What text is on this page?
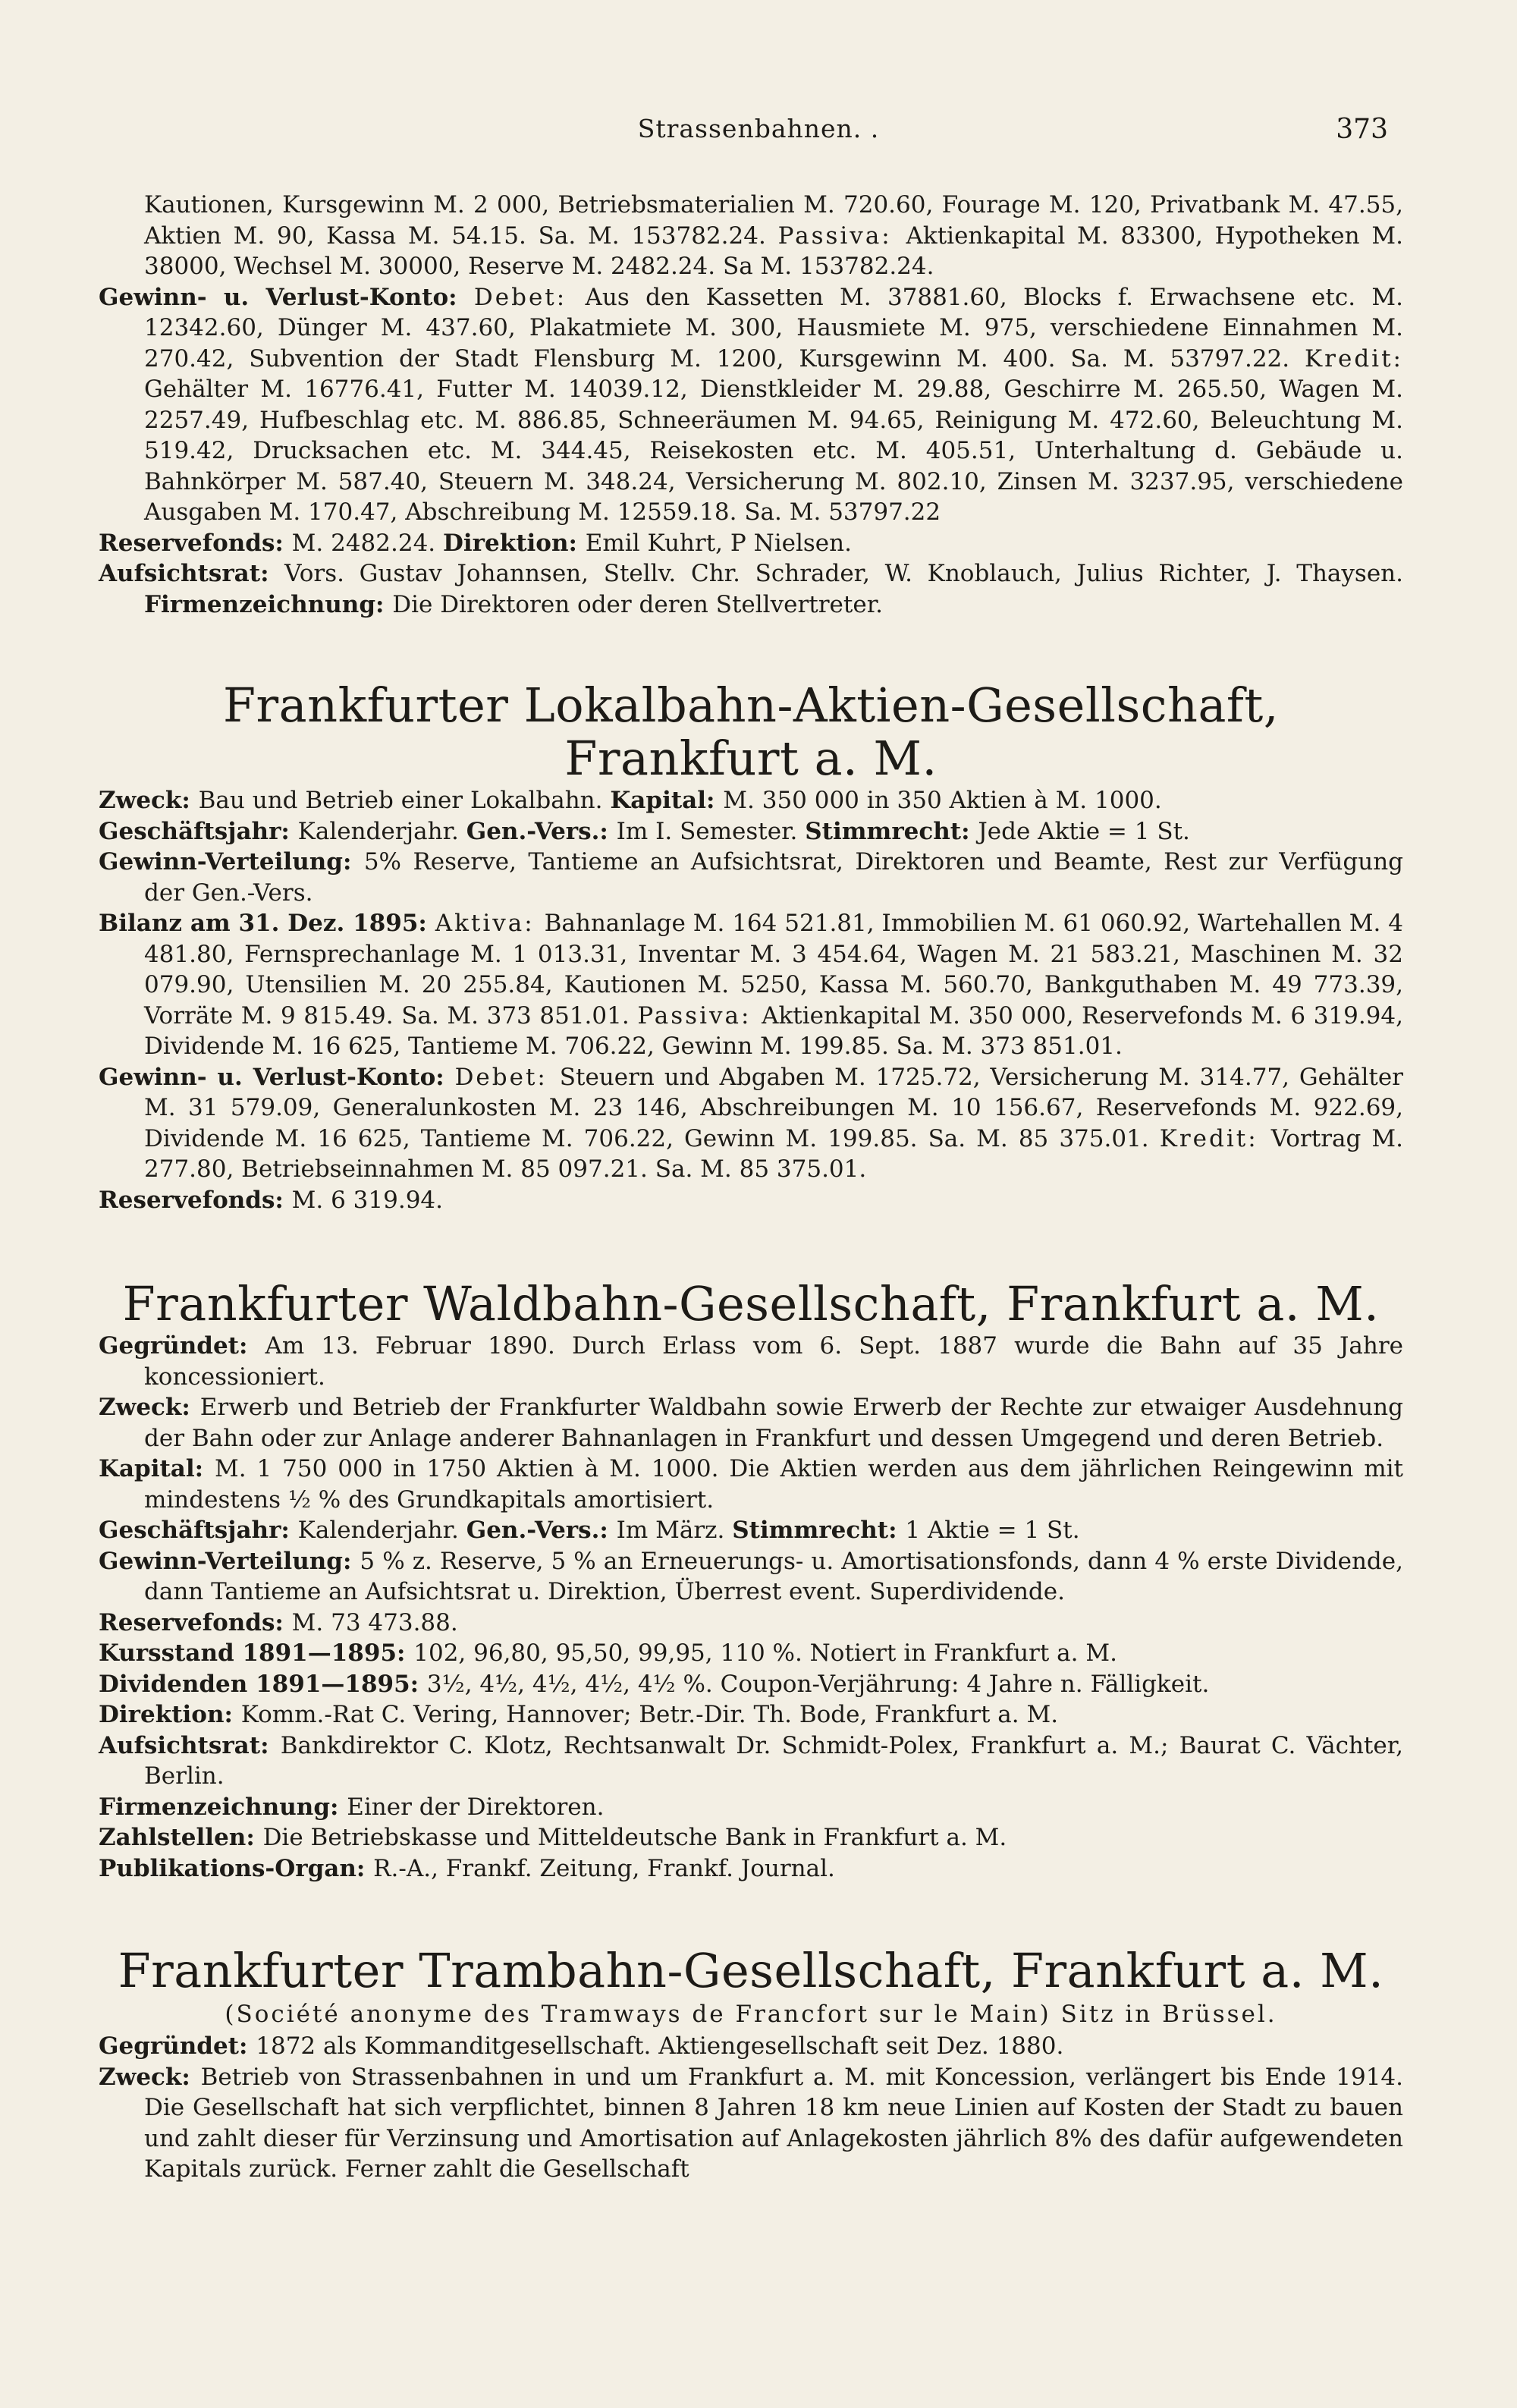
Strassenbahnen. .	373

Kautionen, Kursgewinn M. 2 000, Betriebsmaterialien M. 720.60, Fourage M. 120, Privatbank M. 47.55, Aktien M. 90, Kassa M. 54.15. Sa. M. 153782.24. Passiva: Aktienkapital M. 83300, Hypotheken M. 38000, Wechsel M. 30000, Reserve M. 2482.24. Sa M. 153782.24.

Gewinn- u. Verlust-Konto: Debet: Aus den Kassetten M. 37881.60, Blocks f. Erwachsene etc. M. 12342.60, Dünger M. 437.60, Plakatmiete M. 300, Hausmiete M. 975, verschiedene Einnahmen M. 270.42, Subvention der Stadt Flensburg M. 1200, Kursgewinn M. 400. Sa. M. 53797.22. Kredit: Gehälter M. 16776.41, Futter M. 14039.12, Dienstkleider M. 29.88, Geschirre M. 265.50, Wagen M. 2257.49, Hufbeschlag etc. M. 886.85, Schneeräumen M. 94.65, Reinigung M. 472.60, Beleuchtung M. 519.42, Drucksachen etc. M. 344.45, Reisekosten etc. M. 405.51, Unterhaltung d. Gebäude u. Bahnkörper M. 587.40, Steuern M. 348.24, Versicherung M. 802.10, Zinsen M. 3237.95, verschiedene Ausgaben M. 170.47, Abschreibung M. 12559.18. Sa. M. 53797.22

Reservefonds: M. 2482.24. Direktion: Emil Kuhrt, P Nielsen.

Aufsichtsrat: Vors. Gustav Johannsen, Stellv. Chr. Schrader, W. Knoblauch, Julius Richter, J. Thaysen. Firmenzeichnung: Die Direktoren oder deren Stellvertreter.

Frankfurter Lokalbahn-Aktien-Gesellschaft, Frankfurt a. M.

Zweck: Bau und Betrieb einer Lokalbahn. Kapital: M. 350 000 in 350 Aktien à M. 1000.

Geschäftsjahr: Kalenderjahr. Gen.-Vers.: Im I. Semester. Stimmrecht: Jede Aktie = 1 St.

Gewinn-Verteilung: 5% Reserve, Tantieme an Aufsichtsrat, Direktoren und Beamte, Rest zur Verfügung der Gen.-Vers.

Bilanz am 31. Dez. 1895: Aktiva: Bahnanlage M. 164 521.81, Immobilien M. 61 060.92, Wartehallen M. 4 481.80, Fernsprechanlage M. 1 013.31, Inventar M. 3 454.64, Wagen M. 21 583.21, Maschinen M. 32 079.90, Utensilien M. 20 255.84, Kautionen M. 5250, Kassa M. 560.70, Bankguthaben M. 49 773.39, Vorräte M. 9 815.49. Sa. M. 373 851.01. Passiva: Aktienkapital M. 350 000, Reservefonds M. 6 319.94, Dividende M. 16 625, Tantieme M. 706.22, Gewinn M. 199.85. Sa. M. 373 851.01.

Gewinn- u. Verlust-Konto: Debet: Steuern und Abgaben M. 1725.72, Versicherung M. 314.77, Gehälter M. 31 579.09, Generalunkosten M. 23 146, Abschreibungen M. 10 156.67, Reservefonds M. 922.69, Dividende M. 16 625, Tantieme M. 706.22, Gewinn M. 199.85. Sa. M. 85 375.01. Kredit: Vortrag M. 277.80, Betriebseinnahmen M. 85 097.21. Sa. M. 85 375.01.

Reservefonds: M. 6 319.94.

Frankfurter Waldbahn-Gesellschaft, Frankfurt a. M.

Gegründet: Am 13. Februar 1890. Durch Erlass vom 6. Sept. 1887 wurde die Bahn auf 35 Jahre koncessioniert.

Zweck: Erwerb und Betrieb der Frankfurter Waldbahn sowie Erwerb der Rechte zur etwaiger Ausdehnung der Bahn oder zur Anlage anderer Bahnanlagen in Frankfurt und dessen Umgegend und deren Betrieb.

Kapital: M. 1 750 000 in 1750 Aktien à M. 1000. Die Aktien werden aus dem jährlichen Reingewinn mit mindestens ½ % des Grundkapitals amortisiert.

Geschäftsjahr: Kalenderjahr. Gen.-Vers.: Im März. Stimmrecht: 1 Aktie = 1 St.

Gewinn-Verteilung: 5 % z. Reserve, 5 % an Erneuerungs- u. Amortisationsfonds, dann 4 % erste Dividende, dann Tantieme an Aufsichtsrat u. Direktion, Überrest event. Superdividende.

Reservefonds: M. 73 473.88.

Kursstand 1891—1895: 102, 96,80, 95,50, 99,95, 110 %. Notiert in Frankfurt a. M.

Dividenden 1891—1895: 3½, 4½, 4½, 4½, 4½ %. Coupon-Verjährung: 4 Jahre n. Fälligkeit.

Direktion: Komm.-Rat C. Vering, Hannover; Betr.-Dir. Th. Bode, Frankfurt a. M.

Aufsichtsrat: Bankdirektor C. Klotz, Rechtsanwalt Dr. Schmidt-Polex, Frankfurt a. M.; Baurat C. Vächter, Berlin.

Firmenzeichnung: Einer der Direktoren.

Zahlstellen: Die Betriebskasse und Mitteldeutsche Bank in Frankfurt a. M.

Publikations-Organ: R.-A., Frankf. Zeitung, Frankf. Journal.

Frankfurter Trambahn-Gesellschaft, Frankfurt a. M.

(Société anonyme des Tramways de Francfort sur le Main) Sitz in Brüssel.

Gegründet: 1872 als Kommanditgesellschaft. Aktiengesellschaft seit Dez. 1880.

Zweck: Betrieb von Strassenbahnen in und um Frankfurt a. M. mit Koncession, verlängert bis Ende 1914. Die Gesellschaft hat sich verpflichtet, binnen 8 Jahren 18 km neue Linien auf Kosten der Stadt zu bauen und zahlt dieser für Verzinsung und Amortisation auf Anlagekosten jährlich 8% des dafür aufgewendeten Kapitals zurück. Ferner zahlt die Gesellschaft
